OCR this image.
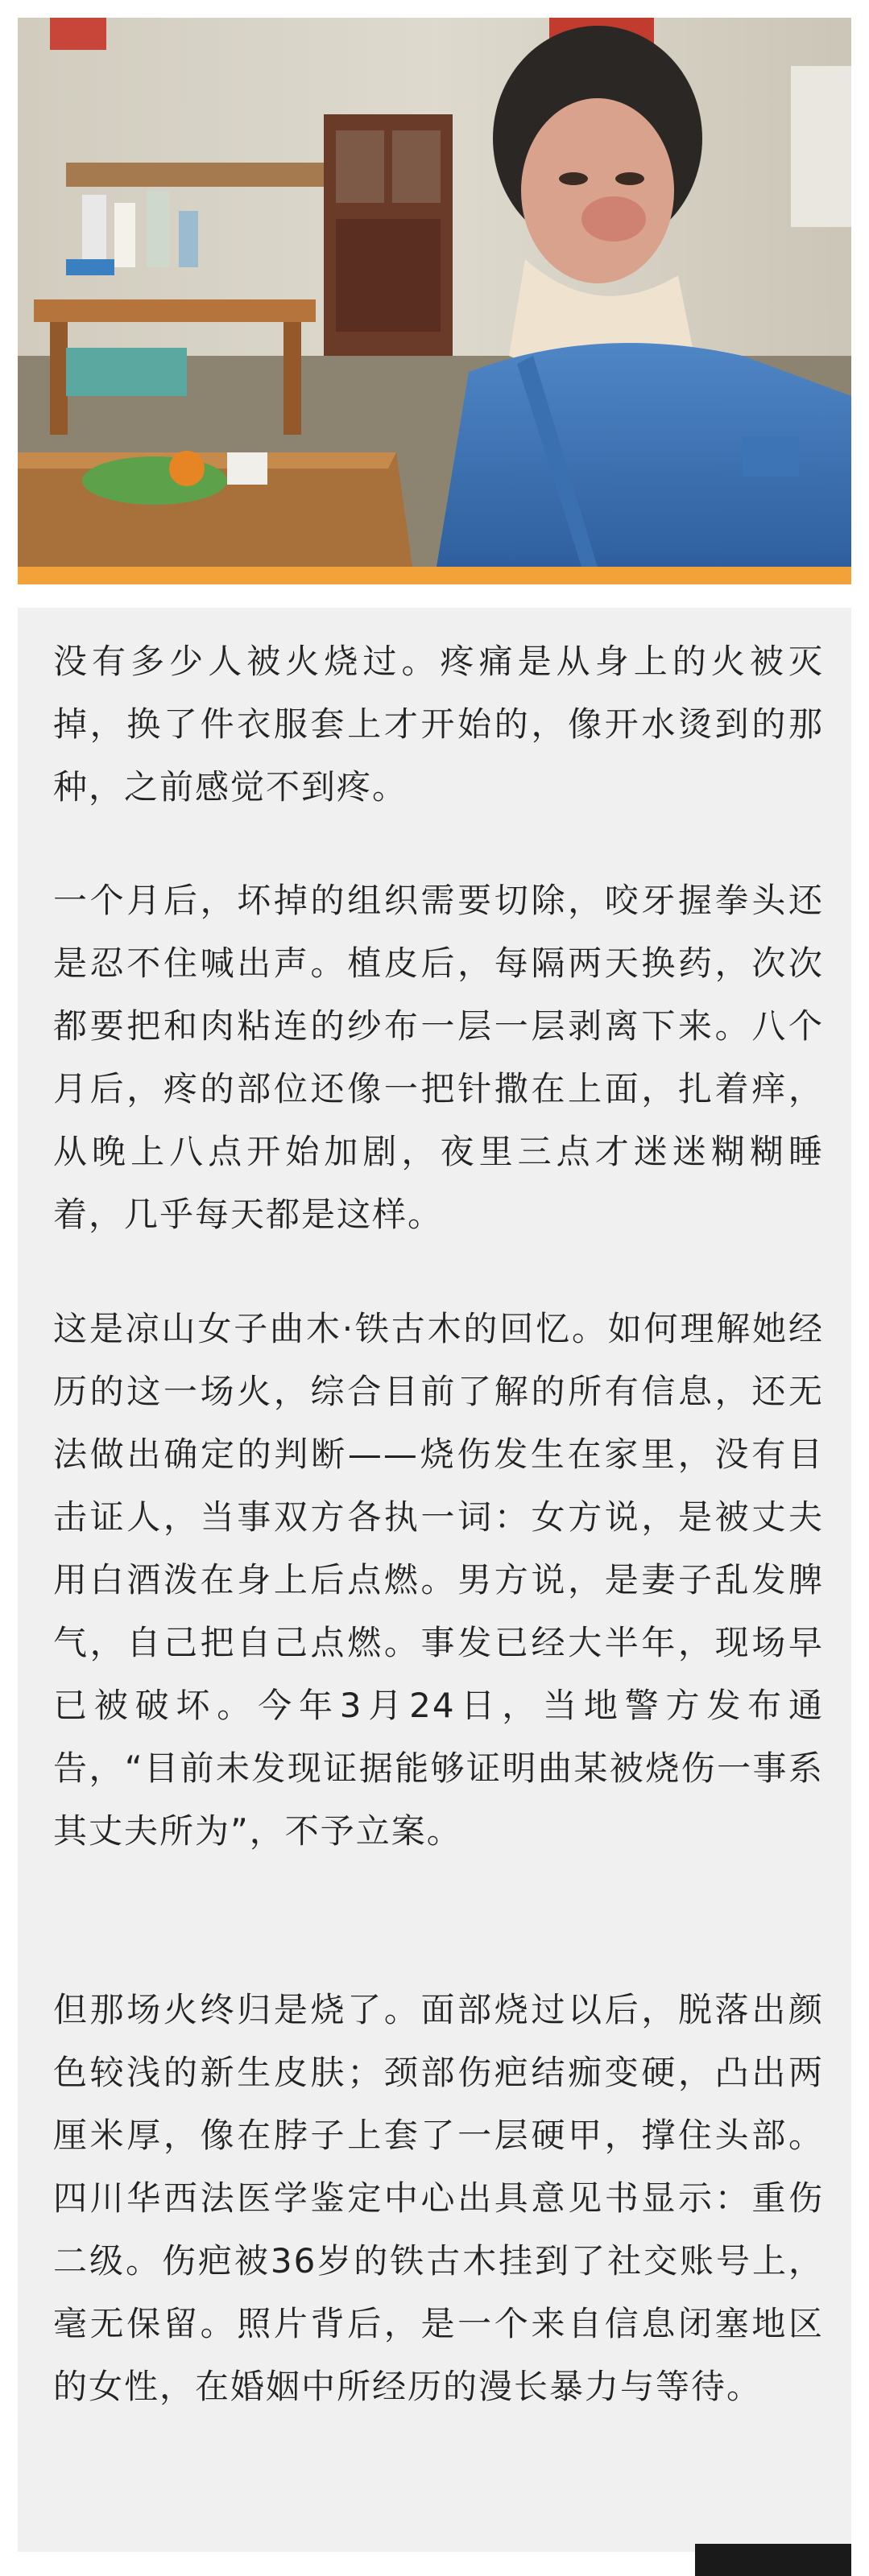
没有多少人被火烧过。疼痛是从身上的火被灭掉，换了件衣服套上才开始的，像开水烫到的那种，之前感觉不到疼。

一个月后，坏掉的组织需要切除，咬牙握拳头还是忍不住喊出声。植皮后，每隔两天换药，次次都要把和肉粘连的纱布一层一层剥离下来。八个月后，疼的部位还像一把针撒在上面，扎着痒，从晚上八点开始加剧，夜里三点才迷迷糊糊睡着，几乎每天都是这样。

这是凉山女子曲木·铁古木的回忆。如何理解她经历的这一场火，综合目前了解的所有信息，还无法做出确定的判断——烧伤发生在家里，没有目击证人，当事双方各执一词：女方说，是被丈夫用白酒泼在身上后点燃。男方说，是妻子乱发脾气，自己把自己点燃。事发已经大半年，现场早已被破坏。今年3月24日，当地警方发布通告，“目前未发现证据能够证明曲某被烧伤一事系其丈夫所为”，不予立案。

但那场火终归是烧了。面部烧过以后，脱落出颜色较浅的新生皮肤；颈部伤疤结痂变硬，凸出两厘米厚，像在脖子上套了一层硬甲，撑住头部。四川华西法医学鉴定中心出具意见书显示：重伤二级。伤疤被36岁的铁古木挂到了社交账号上，毫无保留。照片背后，是一个来自信息闭塞地区的女性，在婚姻中所经历的漫长暴力与等待。
